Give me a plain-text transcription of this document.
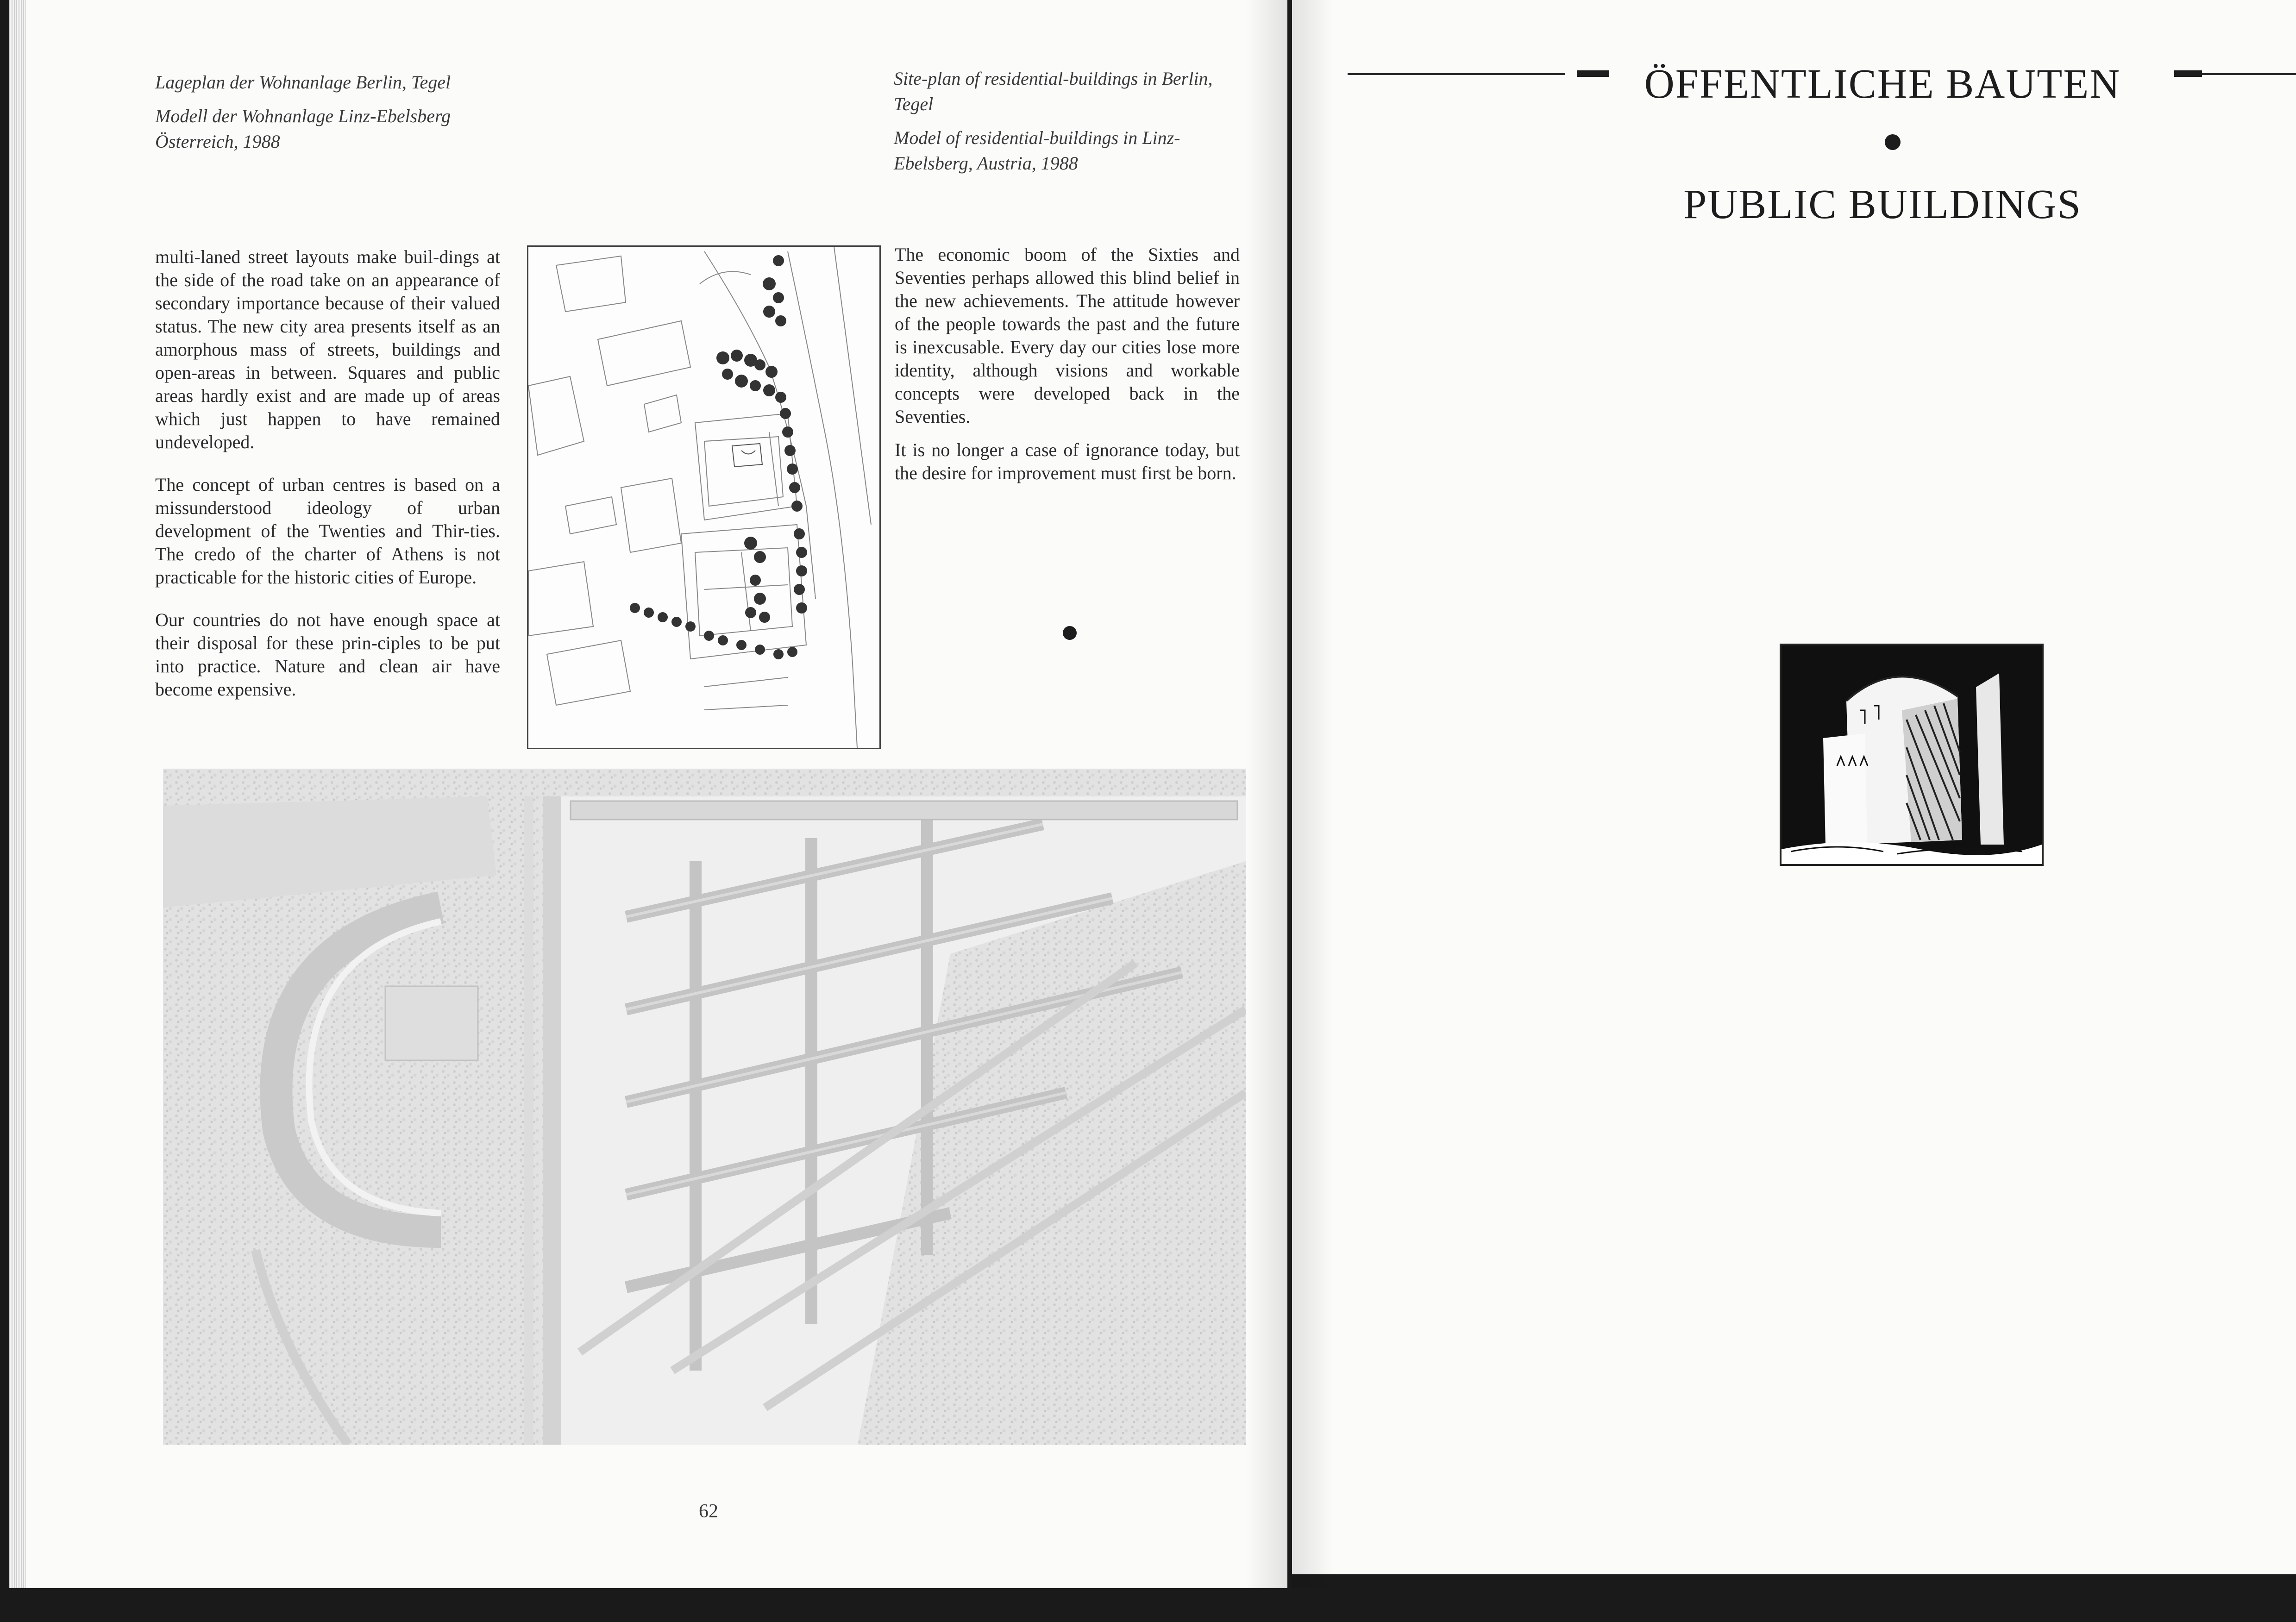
Lageplan der Wohnanlage Berlin, Tegel

Modell der Wohnanlage Linz-Ebelsberg

Österreich, 1988

Site-plan of residential-buildings in Berlin, Tegel

Model of residential-buildings in Linz-Ebelsberg, Austria, 1988

multi-laned street layouts make buil-dings at the side of the road take on an appearance of secondary importance because of their valued status. The new city area presents itself as an amorphous mass of streets, buildings and open-areas in between. Squares and public areas hardly exist and are made up of areas which just happen to have remained undeveloped.

The concept of urban centres is based on a missunderstood ideology of urban development of the Twenties and Thir-ties. The credo of the charter of Athens is not practicable for the historic cities of Europe.

Our countries do not have enough space at their disposal for these prin-ciples to be put into practice. Nature and clean air have become expensive.

The economic boom of the Sixties and Seventies perhaps allowed this blind belief in the new achievements. The attitude however of the people towards the past and the future is inexcusable. Every day our cities lose more identity, although visions and workable concepts were developed back in the Seventies.

It is no longer a case of ignorance today, but the desire for improvement must first be born.

62
ÖFFENTLICHE BAUTEN
PUBLIC BUILDINGS
